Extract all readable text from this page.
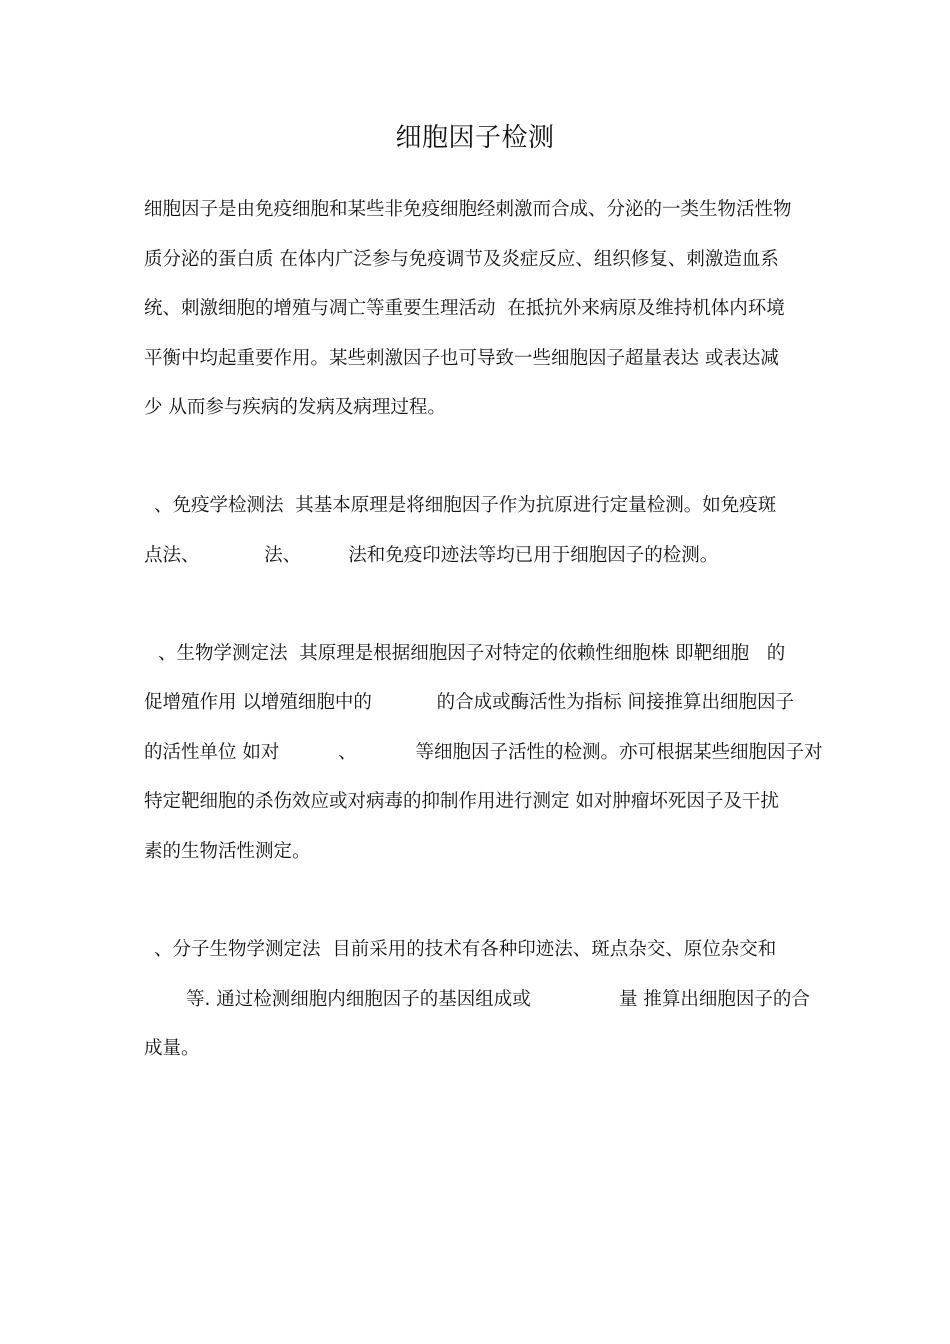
细胞因子检测
细胞因子是由免疫细胞和某些非免疫细胞经刺激而合成、分泌的一类生物活性物
质分泌的蛋白质 在体内广泛参与免疫调节及炎症反应、组织修复、刺激造血系
统、刺激细胞的增殖与凋亡等重要生理活动  在抵抗外来病原及维持机体内环境
平衡中均起重要作用。某些刺激因子也可导致一些细胞因子超量表达 或表达减
少 从而参与疾病的发病及病理过程。
、免疫学检测法  其基本原理是将细胞因子作为抗原进行定量检测。如免疫斑
点法、           法、        法和免疫印迹法等均已用于细胞因子的检测。
、生物学测定法  其原理是根据细胞因子对特定的依赖性细胞株 即靶细胞   的
促增殖作用 以增殖细胞中的           的合成或酶活性为指标 间接推算出细胞因子
的活性单位 如对          、          等细胞因子活性的检测。亦可根据某些细胞因子对
特定靶细胞的杀伤效应或对病毒的抑制作用进行测定 如对肿瘤坏死因子及干扰
素的生物活性测定。
、分子生物学测定法  目前采用的技术有各种印迹法、斑点杂交、原位杂交和
等. 通过检测细胞内细胞因子的基因组成或               量 推算出细胞因子的合
成量。
